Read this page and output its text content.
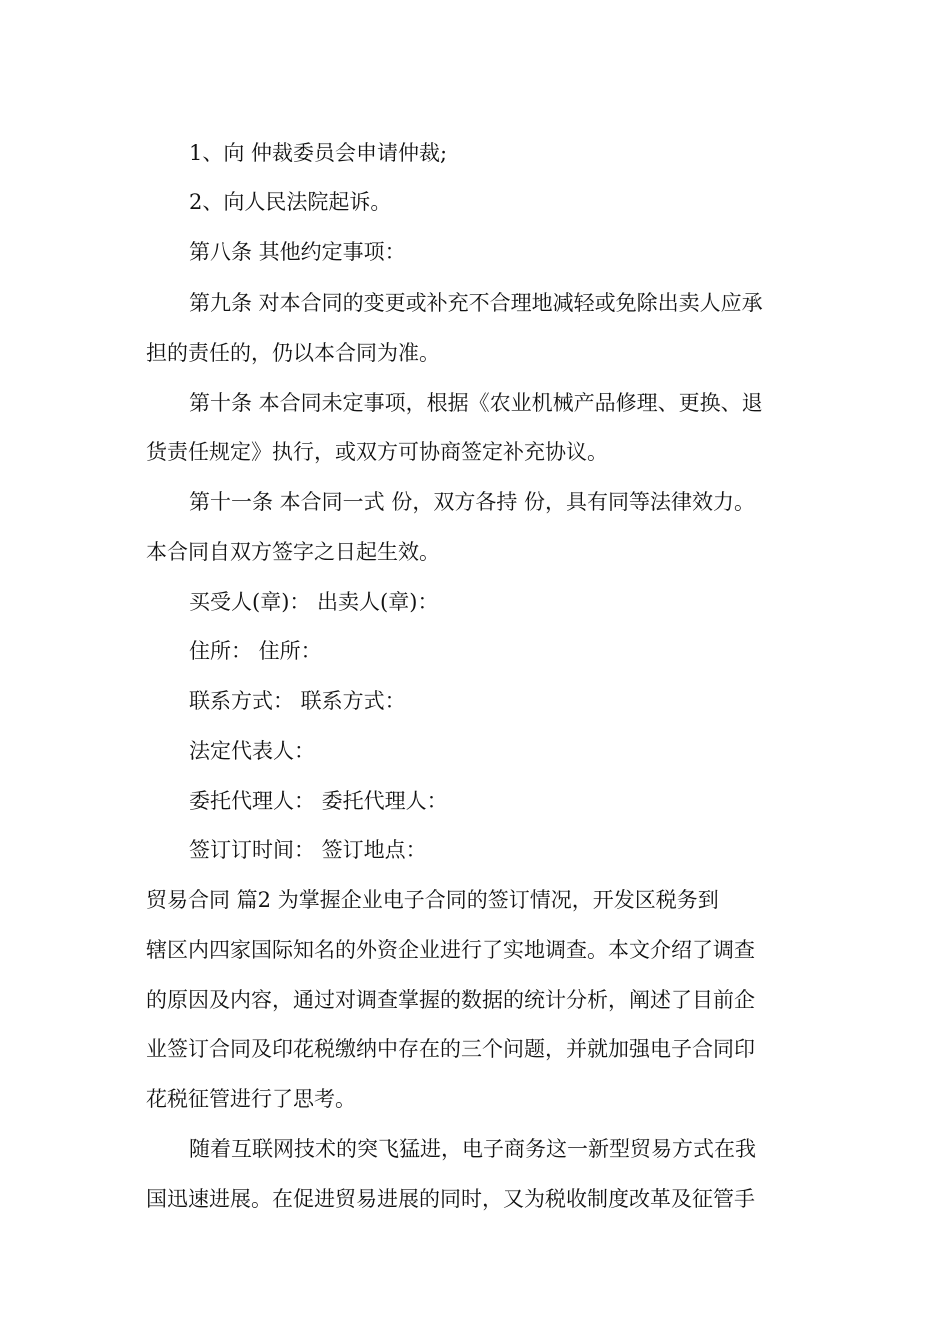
1、向 仲裁委员会申请仲裁;
2、向人民法院起诉。
第八条 其他约定事项：
第九条 对本合同的变更或补充不合理地减轻或免除出卖人应承
担的责任的，仍以本合同为准。
第十条 本合同未定事项，根据《农业机械产品修理、更换、退
货责任规定》执行，或双方可协商签定补充协议。
第十一条 本合同一式 份，双方各持 份，具有同等法律效力。
本合同自双方签字之日起生效。
买受人(章)： 出卖人(章)：
住所： 住所：
联系方式： 联系方式：
法定代表人：
委托代理人： 委托代理人：
签订订时间： 签订地点：
贸易合同 篇2 为掌握企业电子合同的签订情况，开发区税务到
辖区内四家国际知名的外资企业进行了实地调查。本文介绍了调查
的原因及内容，通过对调查掌握的数据的统计分析，阐述了目前企
业签订合同及印花税缴纳中存在的三个问题，并就加强电子合同印
花税征管进行了思考。
随着互联网技术的突飞猛进，电子商务这一新型贸易方式在我
国迅速进展。在促进贸易进展的同时，又为税收制度改革及征管手
